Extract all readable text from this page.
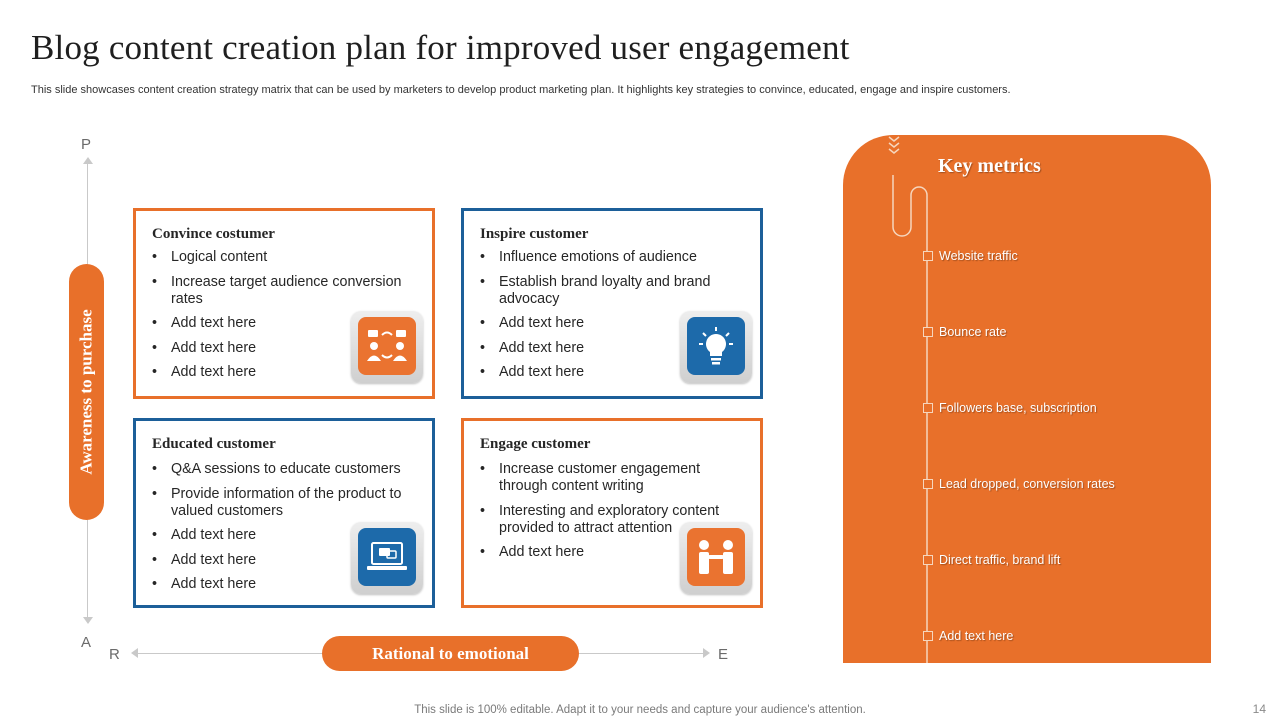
Blog content creation plan for improved user engagement

This slide showcases content creation strategy matrix that can be used by marketers to develop product marketing plan. It highlights key strategies to convince, educated, engage and inspire customers.

P
A
R	E
Awareness to purchase
Rational to emotional
Convince costumer
• Logical content
• Increase target audience conversion rates
• Add text here
• Add text here
• Add text here
Inspire customer
• Influence emotions of audience
• Establish brand loyalty and brand advocacy
• Add text here
• Add text here
• Add text here
Educated customer
• Q&A sessions to educate customers
• Provide information of the product to valued customers
• Add text here
• Add text here
• Add text here
Engage customer
• Increase customer engagement through content writing
• Interesting and exploratory content provided to attract attention
• Add text here
Key metrics
Website traffic
Bounce rate
Followers base, subscription
Lead dropped, conversion rates
Direct traffic, brand lift
Add text here
This slide is 100% editable. Adapt it to your needs and capture your audience's attention.	14
